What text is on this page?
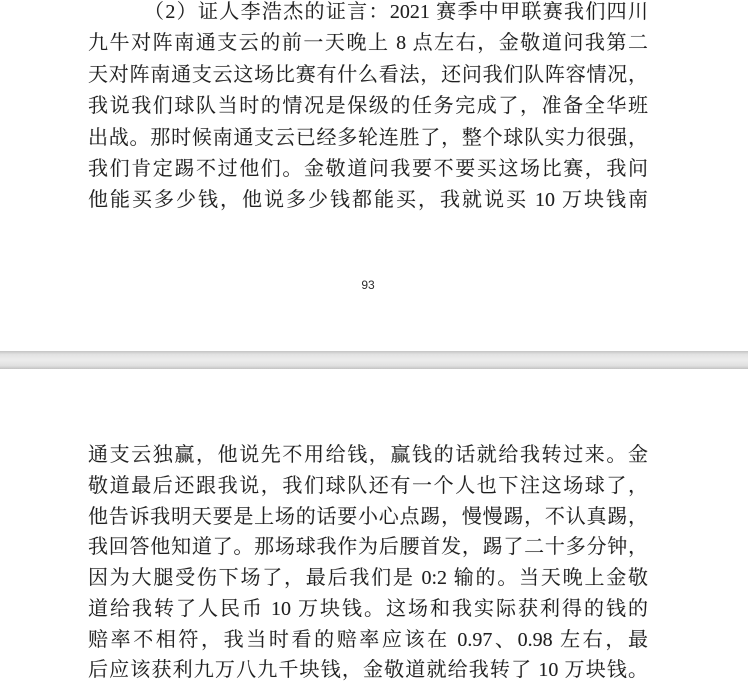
（2）证人李浩杰的证言：2021 赛季中甲联赛我们四川
九牛对阵南通支云的前一天晚上 8 点左右，金敬道问我第二
天对阵南通支云这场比赛有什么看法，还问我们队阵容情况，
我说我们球队当时的情况是保级的任务完成了，准备全华班
出战。那时候南通支云已经多轮连胜了，整个球队实力很强，
我们肯定踢不过他们。金敬道问我要不要买这场比赛，我问
他能买多少钱，他说多少钱都能买，我就说买 10 万块钱南
93
通支云独赢，他说先不用给钱，赢钱的话就给我转过来。金
敬道最后还跟我说，我们球队还有一个人也下注这场球了，
他告诉我明天要是上场的话要小心点踢，慢慢踢，不认真踢，
我回答他知道了。那场球我作为后腰首发，踢了二十多分钟，
因为大腿受伤下场了，最后我们是 0:2 输的。当天晚上金敬
道给我转了人民币 10 万块钱。这场和我实际获利得的钱的
赔率不相符，我当时看的赔率应该在 0.97、0.98 左右，最
后应该获利九万八九千块钱，金敬道就给我转了 10 万块钱。
